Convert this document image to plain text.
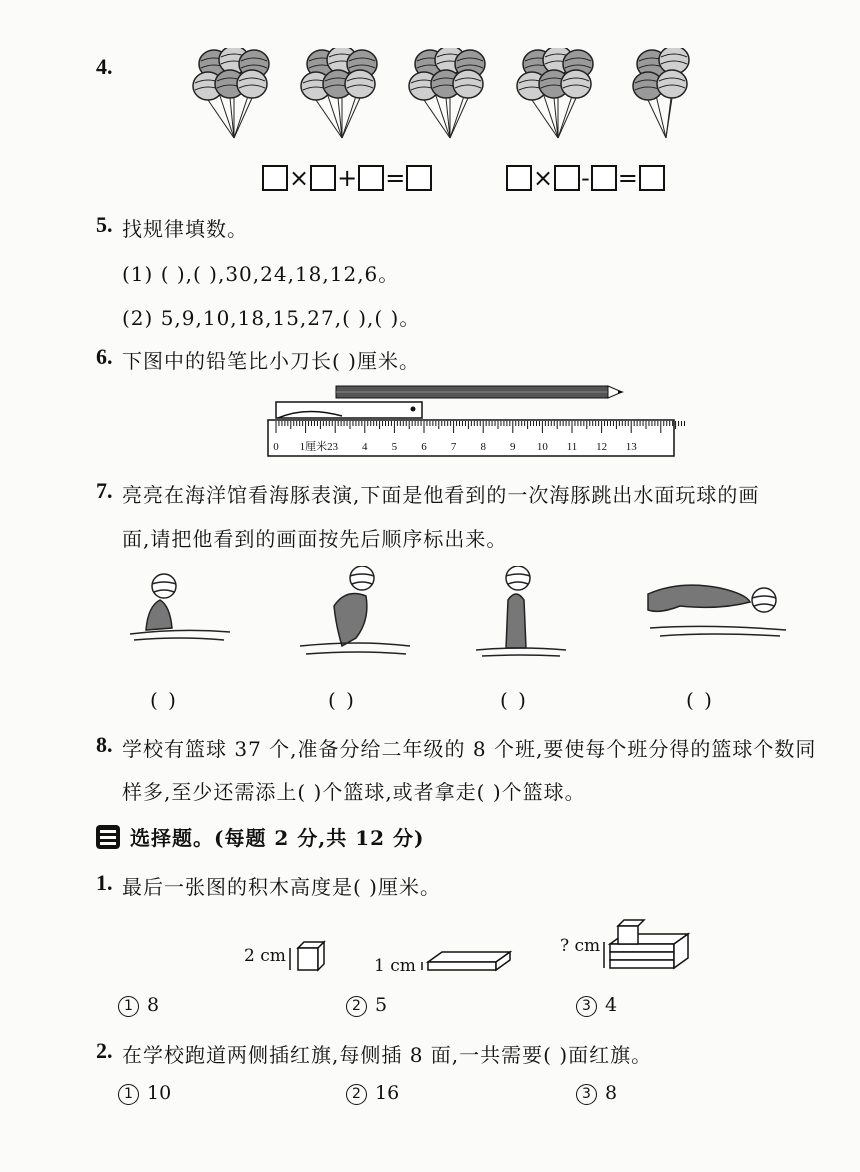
4.
× + =	× - =
5. 找规律填数。
(1) ( ),( ),30,24,18,12,6。
(2) 5,9,10,18,15,27,( ),( )。
6. 下图中的铅笔比小刀长( )厘米。
0 1厘米2 3 4 5 6 7 8 9 10 11 12 13
7. 亮亮在海洋馆看海豚表演,下面是他看到的一次海豚跳出水面玩球的画
面,请把他看到的画面按先后顺序标出来。
( )	( )	( )	( )
8. 学校有篮球 37 个,准备分给二年级的 8 个班,要使每个班分得的篮球个数同
样多,至少还需添上( )个篮球,或者拿走( )个篮球。
选择题。(每题 2 分,共 12 分)
1. 最后一张图的积木高度是( )厘米。
2 cm	1 cm
? cm
1 8	2 5	3 4
2. 在学校跑道两侧插红旗,每侧插 8 面,一共需要( )面红旗。
1 10	2 16	3 8
